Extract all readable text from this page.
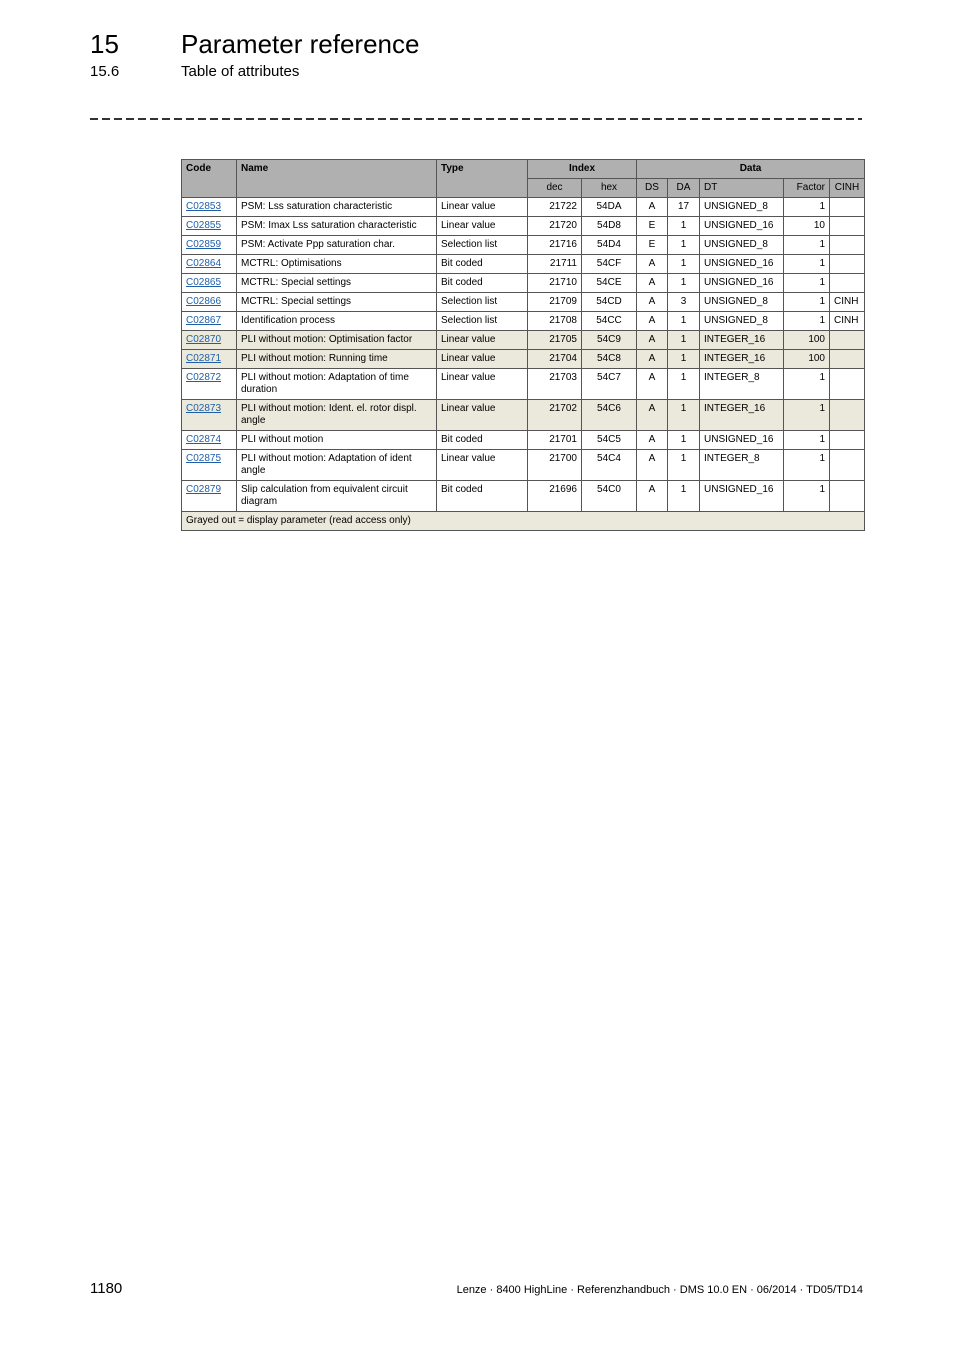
15 Parameter reference
15.6	Table of attributes
Code	Name	Type	Index		Data				
			dec	hex	DS	DA	DT	Factor	CINH
C02853	PSM: Lss saturation characteristic	Linear value	21722	54DA	A	17	UNSIGNED_8	1	
C02855	PSM: Imax Lss saturation characteristic	Linear value	21720	54D8	E	1	UNSIGNED_16	10	
C02859	PSM: Activate Ppp saturation char.	Selection list	21716	54D4	E	1	UNSIGNED_8	1	
C02864	MCTRL: Optimisations	Bit coded	21711	54CF	A	1	UNSIGNED_16	1	
C02865	MCTRL: Special settings	Bit coded	21710	54CE	A	1	UNSIGNED_16	1	
C02866	MCTRL: Special settings	Selection list	21709	54CD	A	3	UNSIGNED_8	1	CINH
C02867	Identification process	Selection list	21708	54CC	A	1	UNSIGNED_8	1	CINH
C02870	PLI without motion: Optimisation factor	Linear value	21705	54C9	A	1	INTEGER_16	100	
C02871	PLI without motion: Running time	Linear value	21704	54C8	A	1	INTEGER_16	100	
C02872	PLI without motion: Adaptation of time duration	Linear value	21703	54C7	A	1	INTEGER_8	1	
C02873	PLI without motion: Ident. el. rotor displ. angle	Linear value	21702	54C6	A	1	INTEGER_16	1	
C02874	PLI without motion	Bit coded	21701	54C5	A	1	UNSIGNED_16	1	
C02875	PLI without motion: Adaptation of ident angle	Linear value	21700	54C4	A	1	INTEGER_8	1	
C02879	Slip calculation from equivalent circuit diagram	Bit coded	21696	54C0	A	1	UNSIGNED_16	1	
Grayed out = display parameter (read access only)									
1180	Lenze · 8400 HighLine · Referenzhandbuch · DMS 10.0 EN · 06/2014 · TD05/TD14
